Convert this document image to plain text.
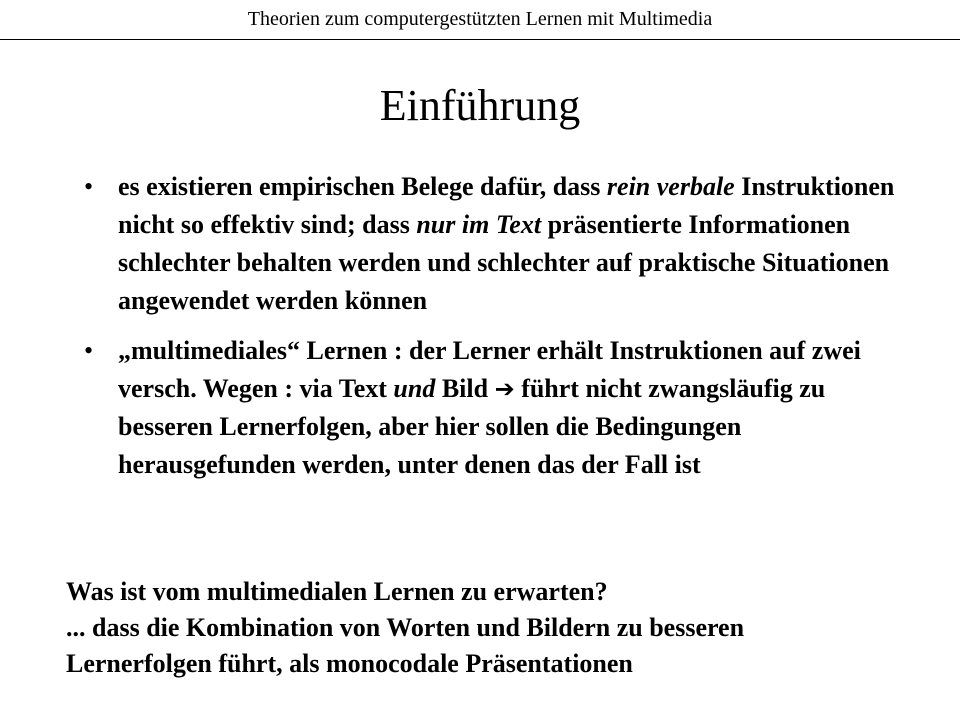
Theorien zum computergestützten Lernen mit Multimedia
Einführung
• es existieren empirischen Belege dafür, dass rein verbale Instruktionen nicht so effektiv sind; dass nur im Text präsentierte Informationen schlechter behalten werden und schlechter auf praktische Situationen angewendet werden können
• „multimediales“ Lernen : der Lerner erhält Instruktionen auf zwei versch. Wegen : via Text und Bild ➔ führt nicht zwangsläufig zu besseren Lernerfolgen, aber hier sollen die Bedingungen herausgefunden werden, unter denen das der Fall ist
Was ist vom multimedialen Lernen zu erwarten?
... dass die Kombination von Worten und Bildern zu besseren
Lernerfolgen führt, als monocodale Präsentationen
